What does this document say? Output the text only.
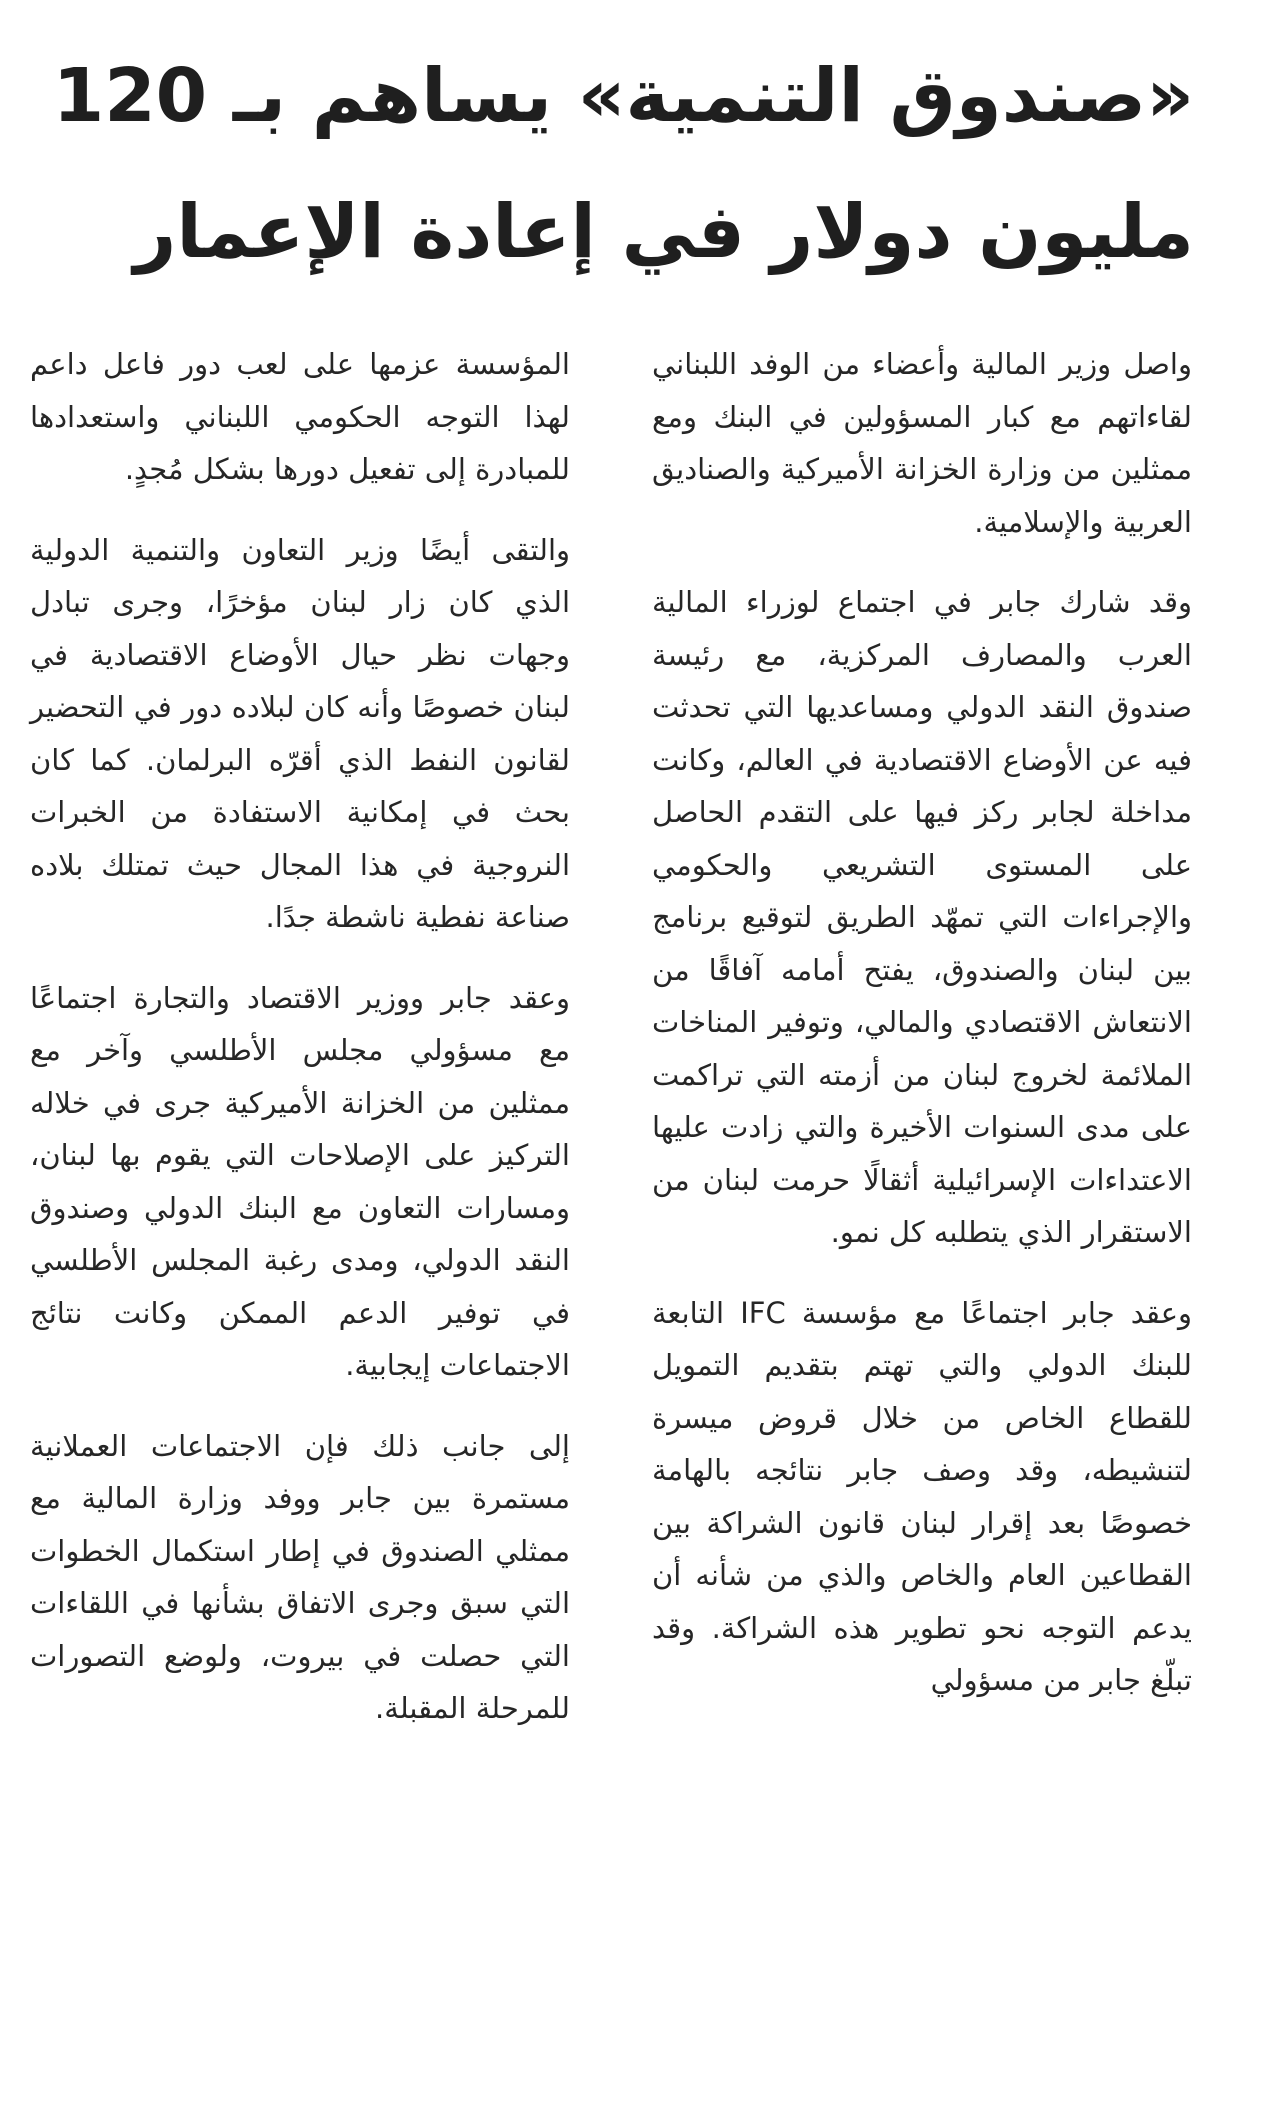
«صندوق التنمية» يساهم بـ 120
مليون دولار في إعادة الإعمار

واصل وزير المالية وأعضاء من الوفد اللبناني لقاءاتهم مع كبار المسؤولين في البنك ومع ممثلين من وزارة الخزانة الأميركية والصناديق العربية والإسلامية.

وقد شارك جابر في اجتماع لوزراء المالية العرب والمصارف المركزية، مع رئيسة صندوق النقد الدولي ومساعديها التي تحدثت فيه عن الأوضاع الاقتصادية في العالم، وكانت مداخلة لجابر ركز فيها على التقدم الحاصل على المستوى التشريعي والحكومي والإجراءات التي تمهّد الطريق لتوقيع برنامج بين لبنان والصندوق، يفتح أمامه آفاقًا من الانتعاش الاقتصادي والمالي، وتوفير المناخات الملائمة لخروج لبنان من أزمته التي تراكمت على مدى السنوات الأخيرة والتي زادت عليها الاعتداءات الإسرائيلية أثقالًا حرمت لبنان من الاستقرار الذي يتطلبه كل نمو.

وعقد جابر اجتماعًا مع مؤسسة IFC التابعة للبنك الدولي والتي تهتم بتقديم التمويل للقطاع الخاص من خلال قروض ميسرة لتنشيطه، وقد وصف جابر نتائجه بالهامة خصوصًا بعد إقرار لبنان قانون الشراكة بين القطاعين العام والخاص والذي من شأنه أن يدعم التوجه نحو تطوير هذه الشراكة. وقد تبلّغ جابر من مسؤولي

المؤسسة عزمها على لعب دور فاعل داعم لهذا التوجه الحكومي اللبناني واستعدادها للمبادرة إلى تفعيل دورها بشكل مُجدٍ.

والتقى أيضًا وزير التعاون والتنمية الدولية الذي كان زار لبنان مؤخرًا، وجرى تبادل وجهات نظر حيال الأوضاع الاقتصادية في لبنان خصوصًا وأنه كان لبلاده دور في التحضير لقانون النفط الذي أقرّه البرلمان. كما كان بحث في إمكانية الاستفادة من الخبرات النروجية في هذا المجال حيث تمتلك بلاده صناعة نفطية ناشطة جدًا.

وعقد جابر ووزير الاقتصاد والتجارة اجتماعًا مع مسؤولي مجلس الأطلسي وآخر مع ممثلين من الخزانة الأميركية جرى في خلاله التركيز على الإصلاحات التي يقوم بها لبنان، ومسارات التعاون مع البنك الدولي وصندوق النقد الدولي، ومدى رغبة المجلس الأطلسي في توفير الدعم الممكن وكانت نتائج الاجتماعات إيجابية.

إلى جانب ذلك فإن الاجتماعات العملانية مستمرة بين جابر ووفد وزارة المالية مع ممثلي الصندوق في إطار استكمال الخطوات التي سبق وجرى الاتفاق بشأنها في اللقاءات التي حصلت في بيروت، ولوضع التصورات للمرحلة المقبلة.
